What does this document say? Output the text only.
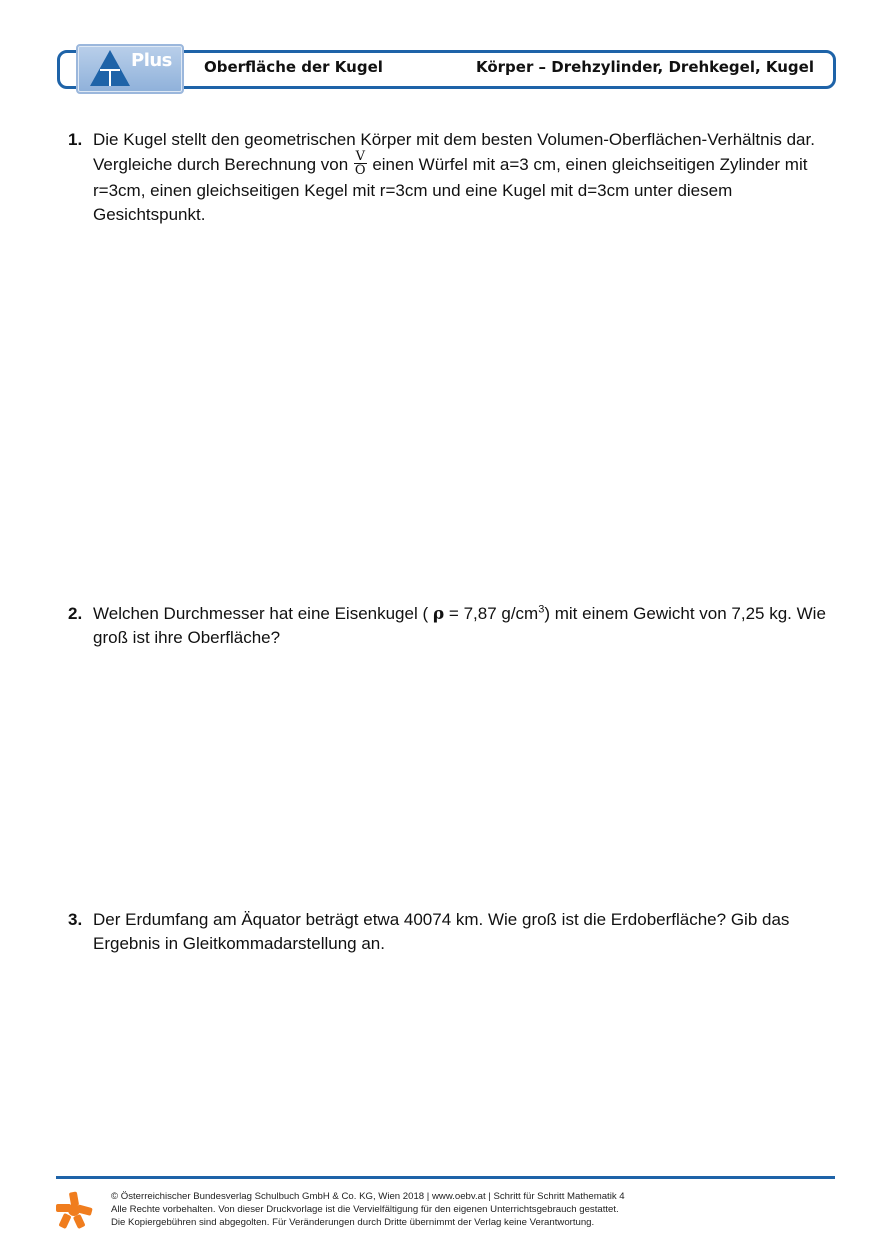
Plus Oberfläche der Kugel	Körper – Drehzylinder, Drehkegel, Kugel
1. Die Kugel stellt den geometrischen Körper mit dem besten Volumen-Oberflächen-Verhältnis dar. Vergleiche durch Berechnung von $\frac{V}{O}$ einen Würfel mit a=3 cm, einen gleichseitigen Zylinder mit r=3cm, einen gleichseitigen Kegel mit r=3cm und eine Kugel mit d=3cm unter diesem Gesichtspunkt.
2. Welchen Durchmesser hat eine Eisenkugel ( ρ = 7,87 $g/cm^3$) mit einem Gewicht von 7,25 kg. Wie groß ist ihre Oberfläche?
3. Der Erdumfang am Äquator beträgt etwa 40074 km. Wie groß ist die Erdoberfläche? Gib das Ergebnis in Gleitkommadarstellung an.
© Österreichischer Bundesverlag Schulbuch GmbH & Co. KG, Wien 2018 | www.oebv.at | Schritt für Schritt Mathematik 4
Alle Rechte vorbehalten. Von dieser Druckvorlage ist die Vervielfältigung für den eigenen Unterrichtsgebrauch gestattet.
Die Kopiergebühren sind abgegolten. Für Veränderungen durch Dritte übernimmt der Verlag keine Verantwortung.
